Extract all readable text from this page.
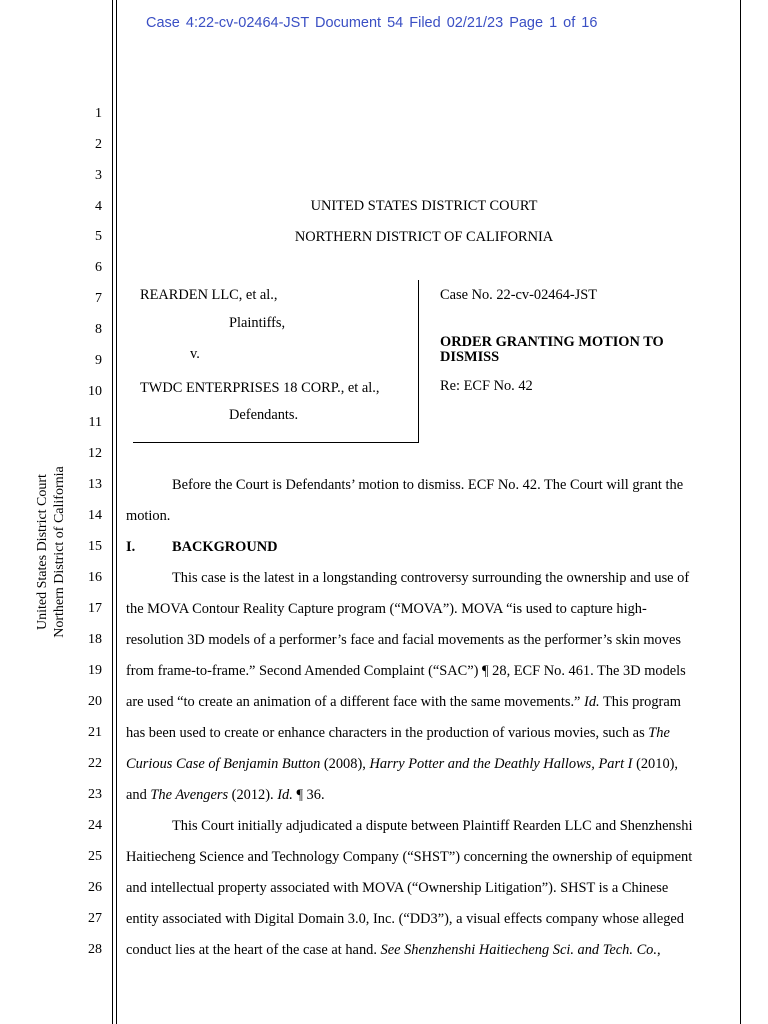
Case 4:22-cv-02464-JST Document 54 Filed 02/21/23 Page 1 of 16
1
2
3
4
5
6
7
8
9
10
11
12
13
14
15
16
17
18
19
20
21
22
23
24
25
26
27
28
United States District Court Northern District of California
UNITED STATES DISTRICT COURT
NORTHERN DISTRICT OF CALIFORNIA
REARDEN LLC, et al.,
Plaintiffs,
v.
TWDC ENTERPRISES 18 CORP., et al.,
Defendants.
Case No. 22-cv-02464-JST
ORDER GRANTING MOTION TO
DISMISS
Re: ECF No. 42
Before the Court is Defendants’ motion to dismiss. ECF No. 42. The Court will grant the
motion.
I.	BACKGROUND
This case is the latest in a longstanding controversy surrounding the ownership and use of
the MOVA Contour Reality Capture program (“MOVA”). MOVA “is used to capture high-
resolution 3D models of a performer’s face and facial movements as the performer’s skin moves
from frame-to-frame.” Second Amended Complaint (“SAC”) ¶ 28, ECF No. 461. The 3D models
are used “to create an animation of a different face with the same movements.” Id. This program
has been used to create or enhance characters in the production of various movies, such as The
Curious Case of Benjamin Button (2008), Harry Potter and the Deathly Hallows, Part I (2010),
and The Avengers (2012). Id. ¶ 36.
This Court initially adjudicated a dispute between Plaintiff Rearden LLC and Shenzhenshi
Haitiecheng Science and Technology Company (“SHST”) concerning the ownership of equipment
and intellectual property associated with MOVA (“Ownership Litigation”). SHST is a Chinese
entity associated with Digital Domain 3.0, Inc. (“DD3”), a visual effects company whose alleged
conduct lies at the heart of the case at hand. See Shenzhenshi Haitiecheng Sci. and Tech. Co.,
